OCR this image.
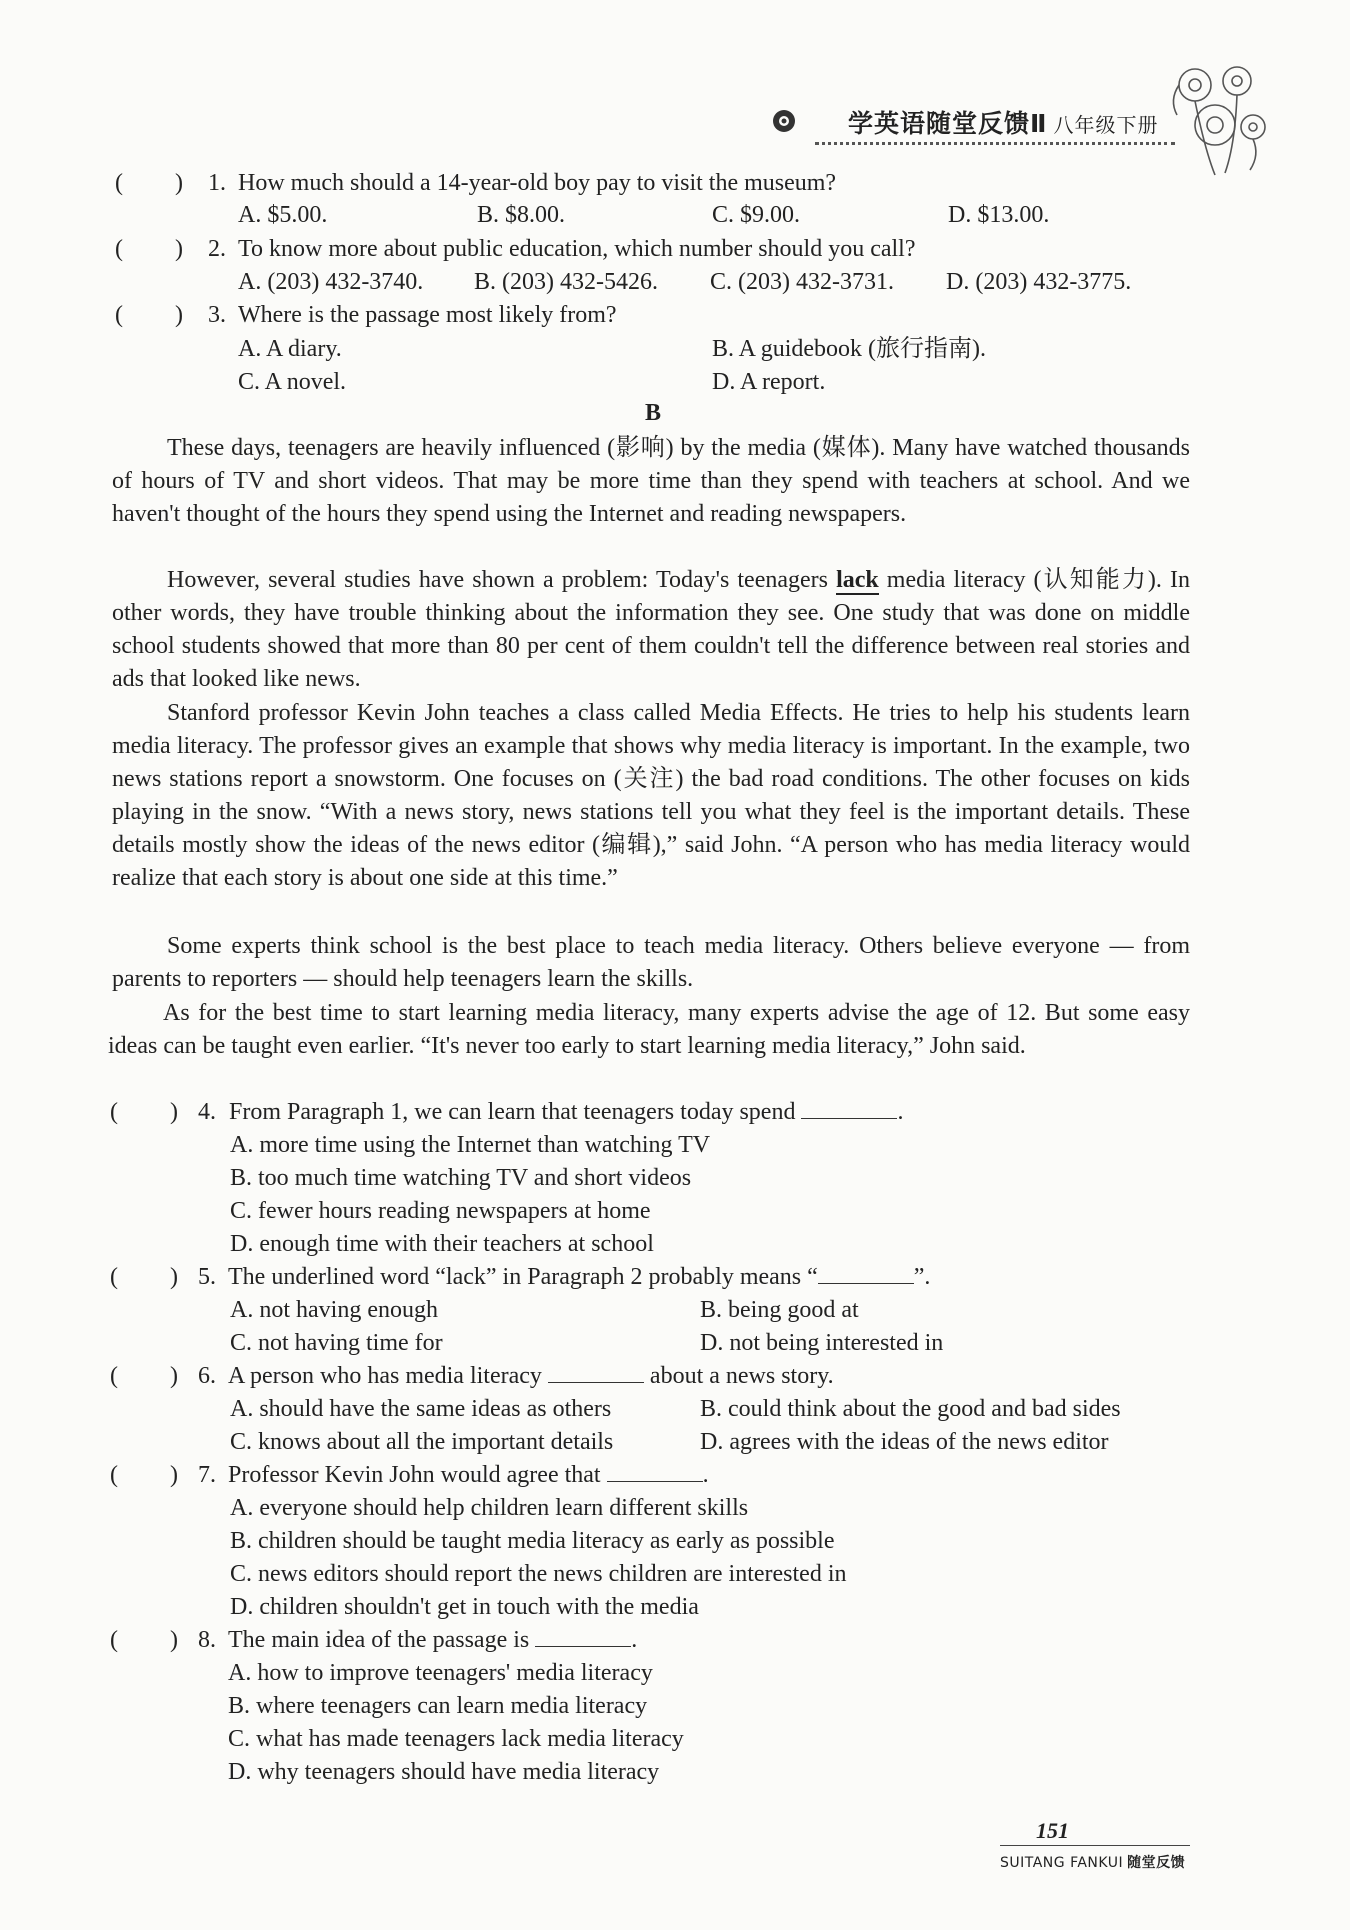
学英语随堂反馈Ⅱ 八年级下册
( ) 1. How much should a 14-year-old boy pay to visit the museum?
A. $5.00.	B. $8.00.	C. $9.00.	D. $13.00.
( ) 2. To know more about public education, which number should you call?
A. (203) 432-3740. B. (203) 432-5426. C. (203) 432-3731. D. (203) 432-3775.
( ) 3. Where is the passage most likely from?
A. A diary.	B. A guidebook (旅行指南).
C. A novel.	D. A report.
B
These days, teenagers are heavily influenced (影响) by the media (媒体). Many have watched thousands of hours of TV and short videos. That may be more time than they spend with teachers at school. And we haven't thought of the hours they spend using the Internet and reading newspapers.
However, several studies have shown a problem: Today's teenagers lack media literacy (认知能力). In other words, they have trouble thinking about the information they see. One study that was done on middle school students showed that more than 80 per cent of them couldn't tell the difference between real stories and ads that looked like news.
Stanford professor Kevin John teaches a class called Media Effects. He tries to help his students learn media literacy. The professor gives an example that shows why media literacy is important. In the example, two news stations report a snowstorm. One focuses on (关注) the bad road conditions. The other focuses on kids playing in the snow. “With a news story, news stations tell you what they feel is the important details. These details mostly show the ideas of the news editor (编辑),” said John. “A person who has media literacy would realize that each story is about one side at this time.”
Some experts think school is the best place to teach media literacy. Others believe everyone — from parents to reporters — should help teenagers learn the skills.
As for the best time to start learning media literacy, many experts advise the age of 12. But some easy ideas can be taught even earlier. “It's never too early to start learning media literacy,” John said.
( ) 4. From Paragraph 1, we can learn that teenagers today spend	.
A. more time using the Internet than watching TV
B. too much time watching TV and short videos
C. fewer hours reading newspapers at home
D. enough time with their teachers at school
( ) 5. The underlined word “lack” in Paragraph 2 probably means “	”.
A. not having enough	B. being good at
C. not having time for	D. not being interested in
( ) 6. A person who has media literacy	about a news story.
A. should have the same ideas as others	B. could think about the good and bad sides
C. knows about all the important details	D. agrees with the ideas of the news editor
( ) 7. Professor Kevin John would agree that	.
A. everyone should help children learn different skills
B. children should be taught media literacy as early as possible
C. news editors should report the news children are interested in
D. children shouldn't get in touch with the media
( ) 8. The main idea of the passage is	.
A. how to improve teenagers' media literacy
B. where teenagers can learn media literacy
C. what has made teenagers lack media literacy
D. why teenagers should have media literacy
151
SUITANG FANKUI 随堂反馈
